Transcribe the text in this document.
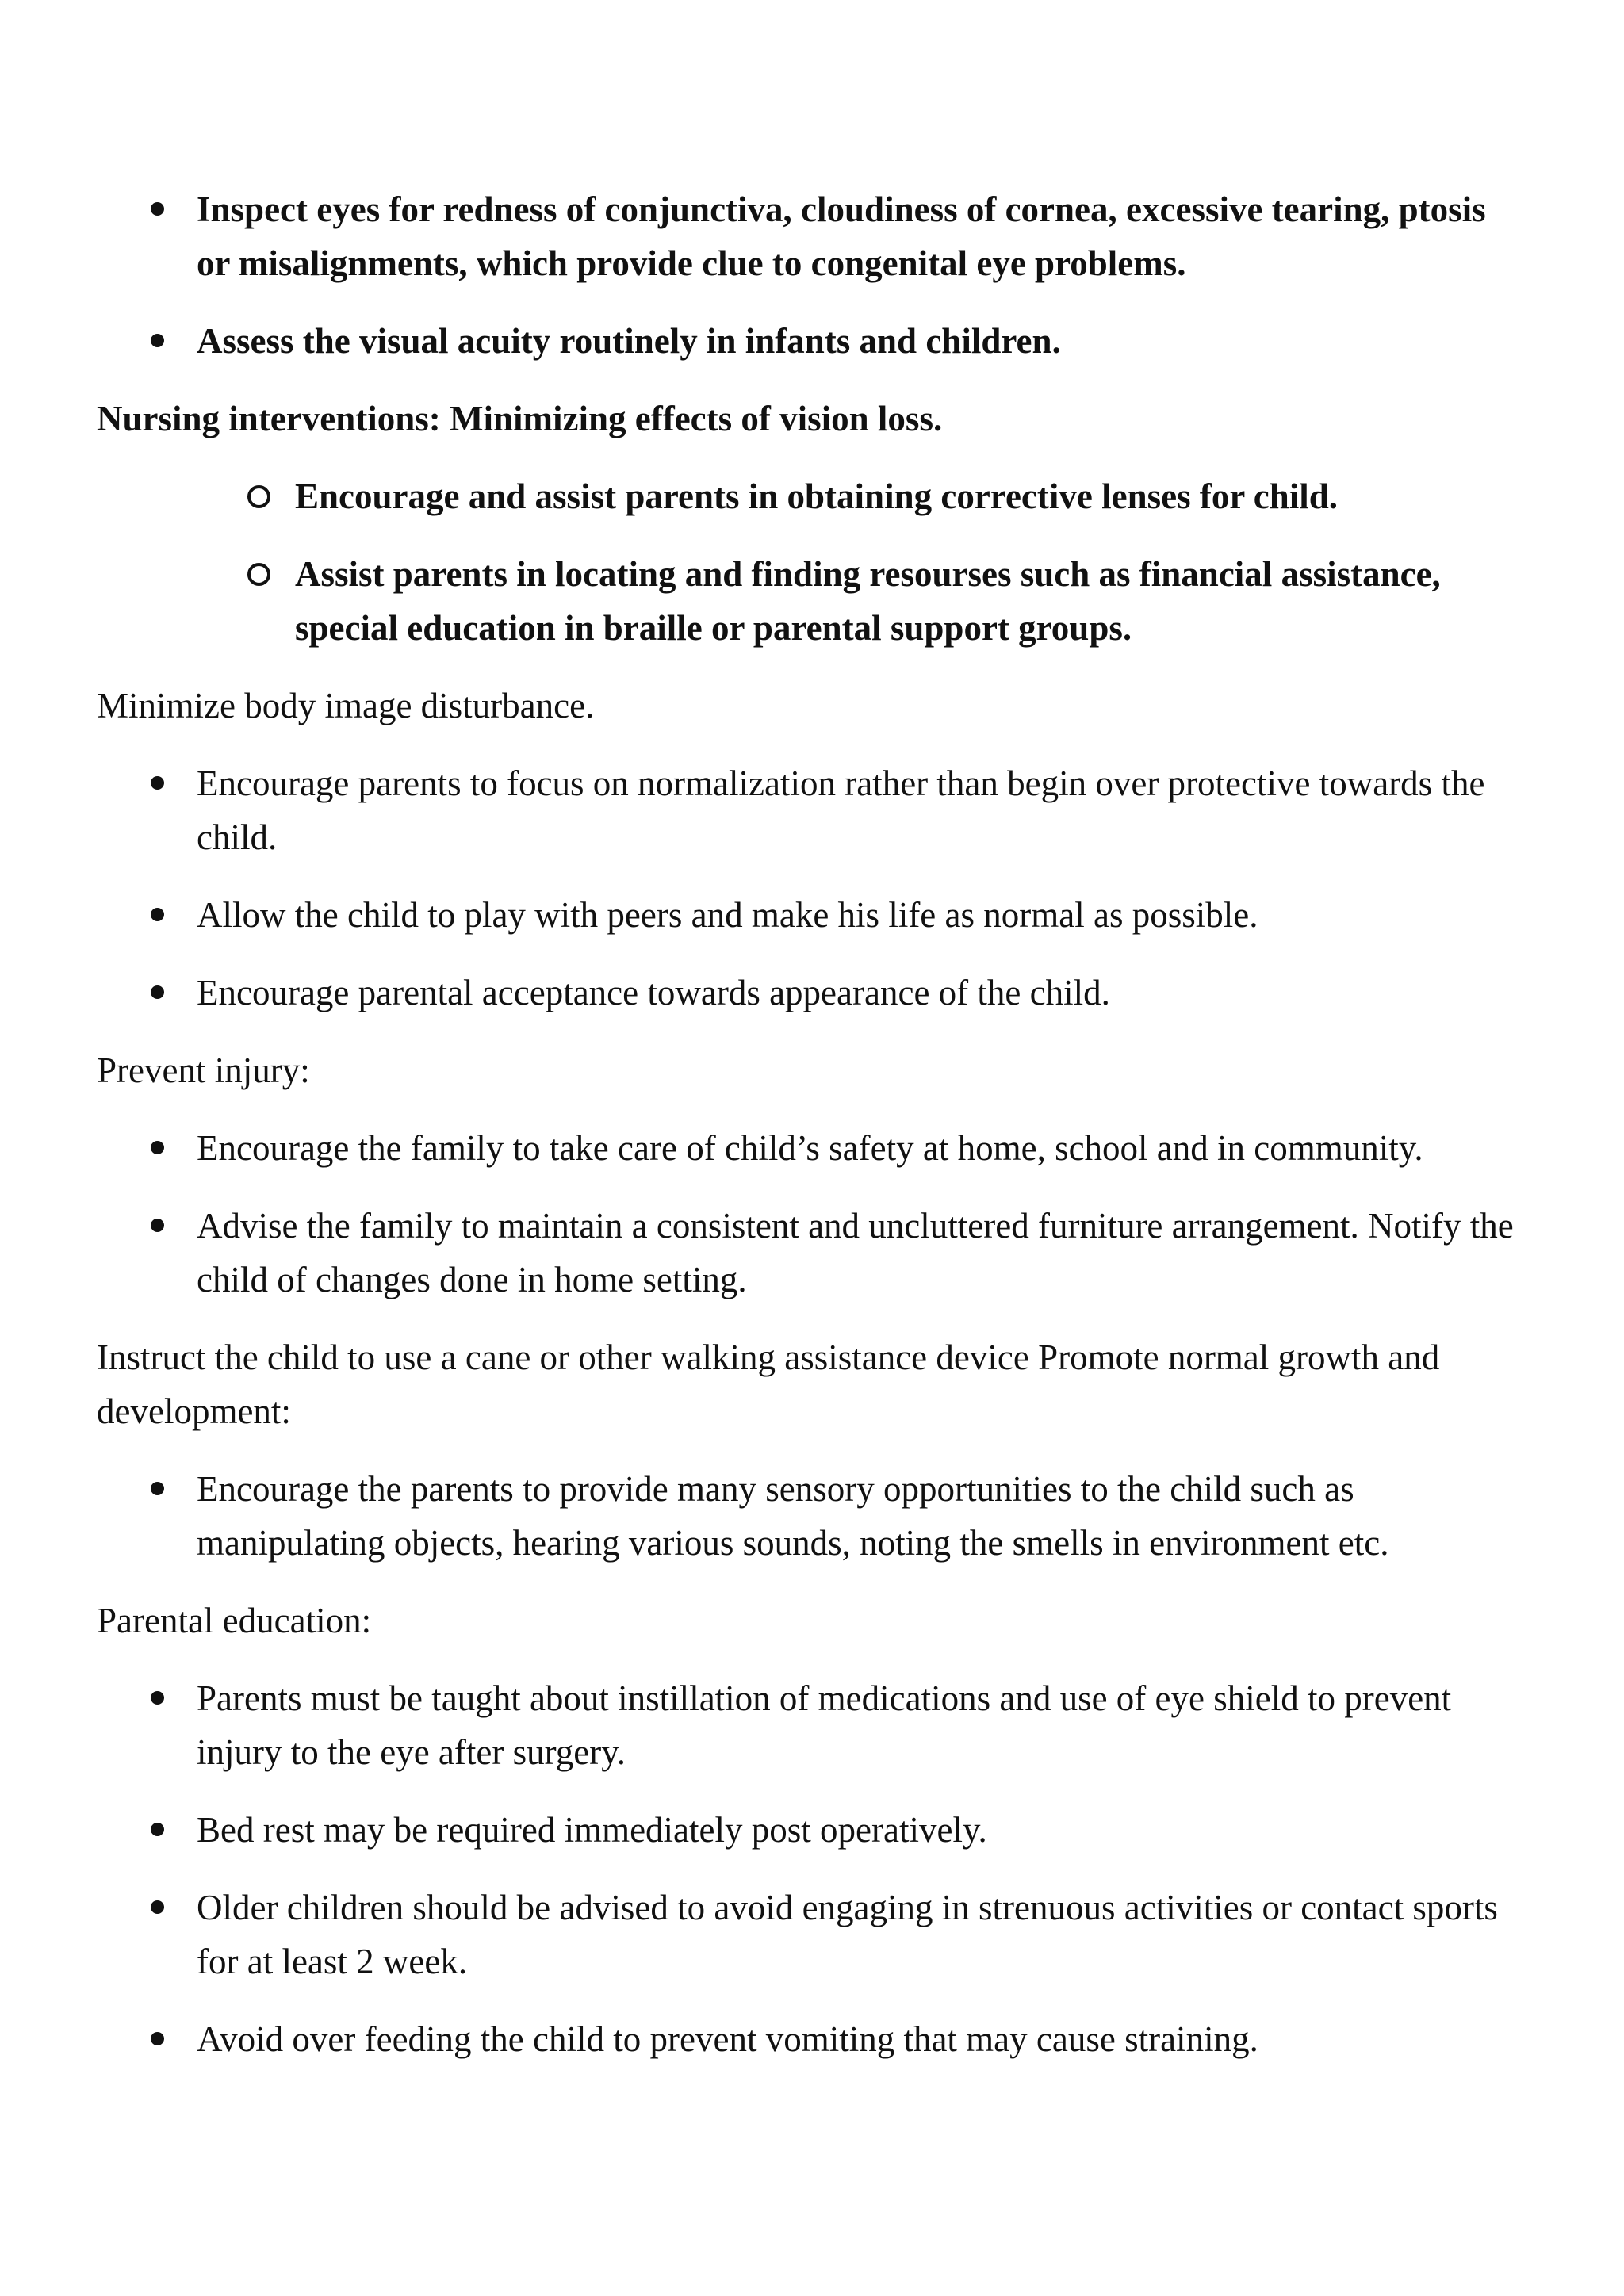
Inspect eyes for redness of conjunctiva, cloudiness of cornea, excessive tearing, ptosis or misalignments, which provide clue to congenital eye problems.
Assess the visual acuity routinely in infants and children.

Nursing interventions: Minimizing effects of vision loss.

Encourage and assist parents in obtaining corrective lenses for child.
Assist parents in locating and finding resourses such as financial assistance, special education in braille or parental support groups.

Minimize body image disturbance.

Encourage parents to focus on normalization rather than begin over protective towards the child.
Allow the child to play with peers and make his life as normal as possible.
Encourage parental acceptance towards appearance of the child.

Prevent injury:

Encourage the family to take care of child’s safety at home, school and in community.
Advise the family to maintain a consistent and uncluttered furniture arrangement. Notify the child of changes done in home setting.

Instruct the child to use a cane or other walking assistance device Promote normal growth and development:

Encourage the parents to provide many sensory opportunities to the child such as manipulating objects, hearing various sounds, noting the smells in environment etc.

Parental education:

Parents must be taught about instillation of medications and use of eye shield to prevent injury to the eye after surgery.
Bed rest may be required immediately post operatively.
Older children should be advised to avoid engaging in strenuous activities or contact sports for at least 2 week.
Avoid over feeding the child to prevent vomiting that may cause straining.
